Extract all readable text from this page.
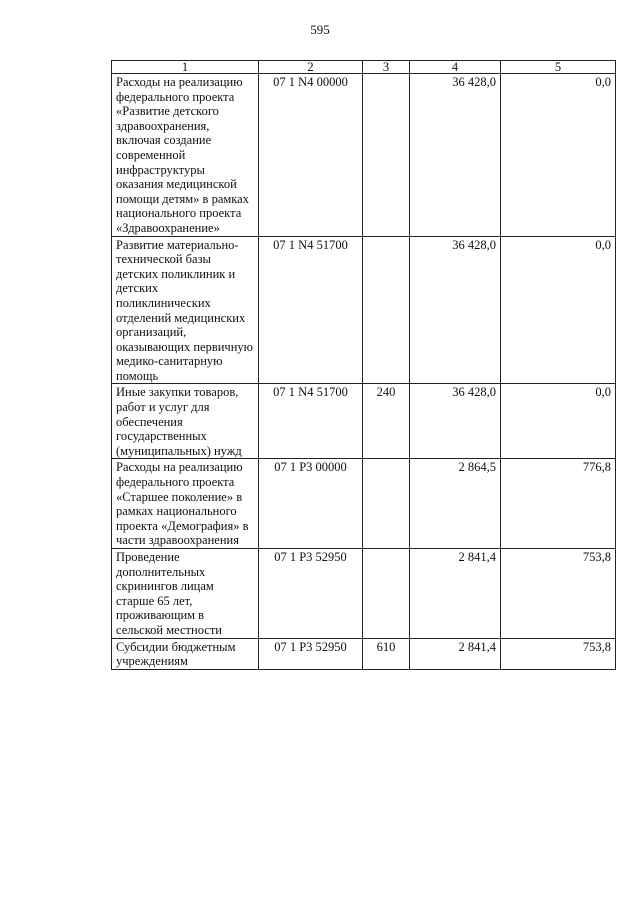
595
1	2	3	4	5
Расходы на реализацию федерального проекта «Развитие детского здравоохранения, включая создание современной инфраструктуры оказания медицинской помощи детям» в рамках национального проекта «Здравоохранение»	07 1 N4 00000		36 428,0	0,0
Развитие материально-технической базы детских поликлиник и детских поликлинических отделений медицинских организаций, оказывающих первичную медико-санитарную помощь	07 1 N4 51700		36 428,0	0,0
Иные закупки товаров, работ и услуг для обеспечения государственных (муниципальных) нужд	07 1 N4 51700	240	36 428,0	0,0
Расходы на реализацию федерального проекта «Старшее поколение» в рамках национального проекта «Демография» в части здравоохранения	07 1 P3 00000		2 864,5	776,8
Проведение дополнительных скринингов лицам старше 65 лет, проживающим в сельской местности	07 1 P3 52950		2 841,4	753,8
Субсидии бюджетным учреждениям	07 1 P3 52950	610	2 841,4	753,8
